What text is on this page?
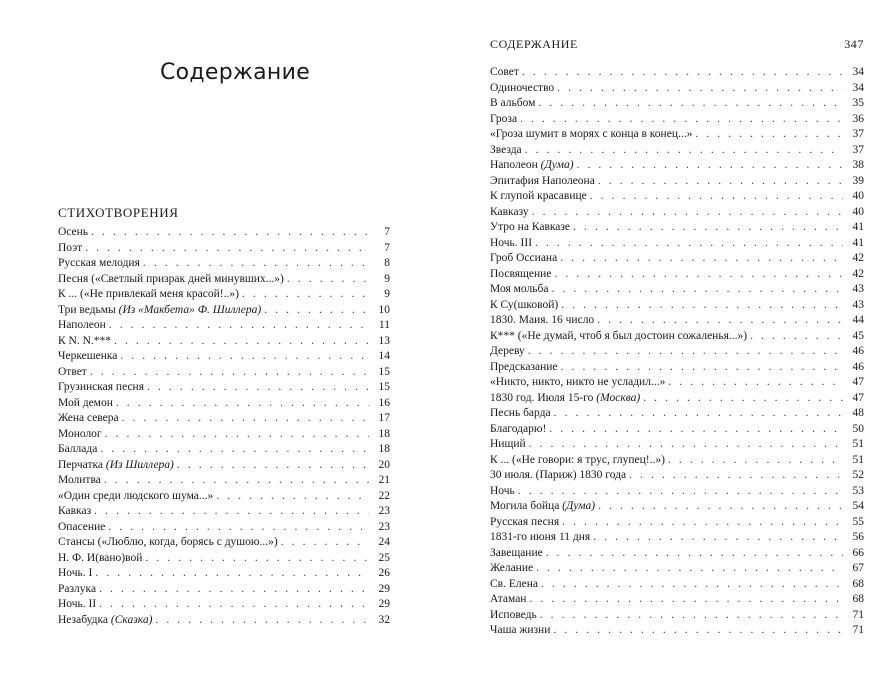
Содержание
СТИХОТВОРЕНИЯ
Осень . . .	7
Поэт . . .	7
Русская мелодия . . .	8
Песня («Светлый призрак дней минувших...») . . .	9
К ... («Не привлекай меня красой!..») . . .	9
Три ведьмы (Из «Макбета» Ф. Шиллера) . . .	10
Наполеон . . .	11
К N. N.*** . . .	13
Черкешенка . . .	14
Ответ . . .	15
Грузинская песня . . .	15
Мой демон . . .	16
Жена севера . . .	17
Монолог . . .	18
Баллада . . .	18
Перчатка (Из Шиллера) . . .	20
Молитва . . .	21
«Один среди людского шума...» . . .	22
Кавказ . . .	23
Опасение . . .	23
Стансы («Люблю, когда, борясь с душою...») . . .	24
Н. Ф. И(вано)вой . . .	25
Ночь. I . . .	26
Разлука . . .	29
Ночь. II . . .	29
Незабудка (Сказка) . . .	32
СОДЕРЖАНИЕ	347
Совет . . .	34
Одиночество . . .	34
В альбом . . .	35
Гроза . . .	36
«Гроза шумит в морях с конца в конец...» . . .	37
Звезда . . .	37
Наполеон (Дума) . . .	38
Эпитафия Наполеона . . .	39
К глупой красавице . . .	40
Кавказу . . .	40
Утро на Кавказе . . .	41
Ночь. III . . .	41
Гроб Оссиана . . .	42
Посвящение . . .	42
Моя мольба . . .	43
К Су(шковой) . . .	43
1830. Маия. 16 число . . .	44
К*** («Не думай, чтоб я был достоин сожаленья...») . . .	45
Дереву . . .	46
Предсказание . . .	46
«Никто, никто, никто не усладил...» . . .	47
1830 год. Июля 15-го (Москва) . . .	47
Песнь барда . . .	48
Благодарю! . . .	50
Нищий . . .	51
К ... («Не говори: я трус, глупец!..») . . .	51
30 июля. (Париж) 1830 года . . .	52
Ночь . . .	53
Могила бойца (Дума) . . .	54
Русская песня . . .	55
1831-го июня 11 дня . . .	56
Завещание . . .	66
Желание . . .	67
Св. Елена . . .	68
Атаман . . .	68
Исповедь . . .	71
Чаша жизни . . .	71
